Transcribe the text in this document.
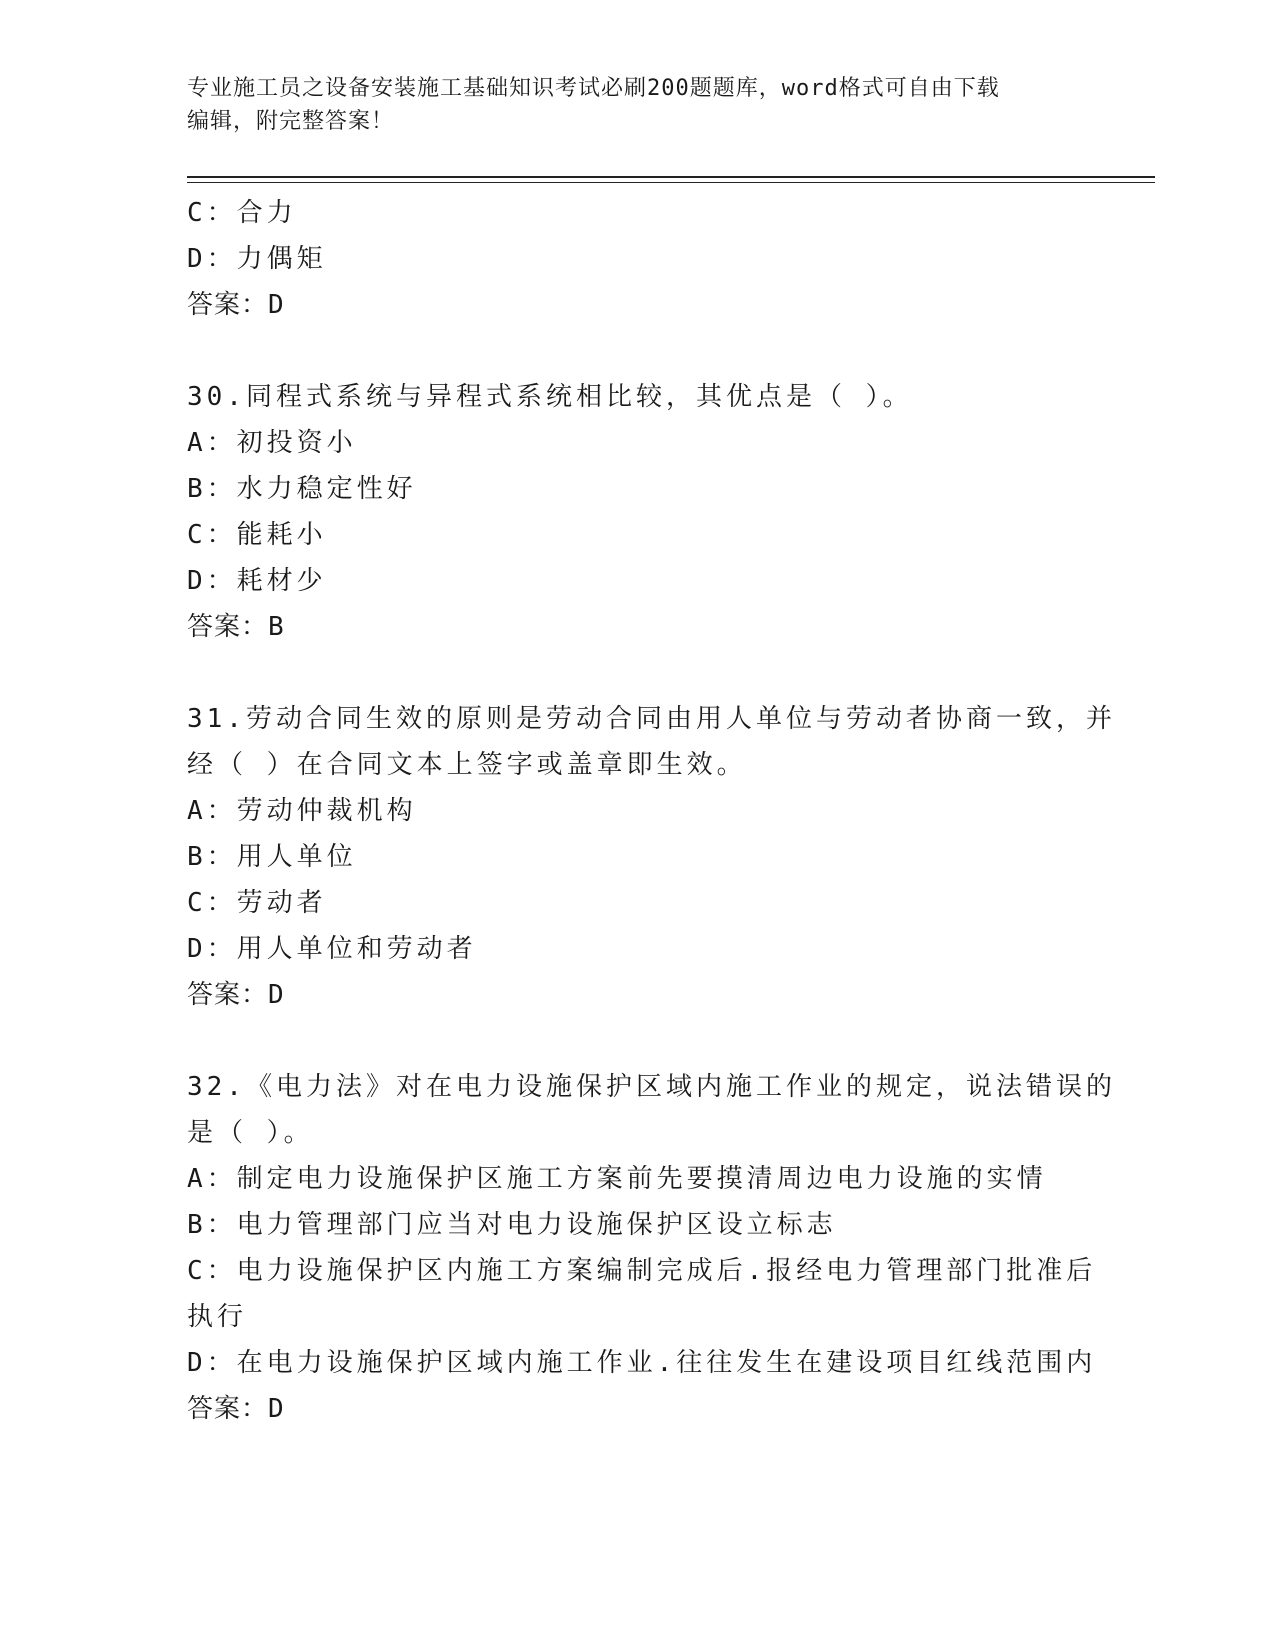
专业施工员之设备安装施工基础知识考试必刷200题题库，word格式可自由下载
编辑，附完整答案！
C：合力
D：力偶矩
答案：D
30.同程式系统与异程式系统相比较，其优点是（ ）。
A：初投资小
B：水力稳定性好
C：能耗小
D：耗材少
答案：B
31.劳动合同生效的原则是劳动合同由用人单位与劳动者协商一致，并
经（ ）在合同文本上签字或盖章即生效。
A：劳动仲裁机构
B：用人单位
C：劳动者
D：用人单位和劳动者
答案：D
32.《电力法》对在电力设施保护区域内施工作业的规定，说法错误的
是（ ）。
A：制定电力设施保护区施工方案前先要摸清周边电力设施的实情
B：电力管理部门应当对电力设施保护区设立标志
C：电力设施保护区内施工方案编制完成后.报经电力管理部门批准后
执行
D：在电力设施保护区域内施工作业.往往发生在建设项目红线范围内
答案：D
